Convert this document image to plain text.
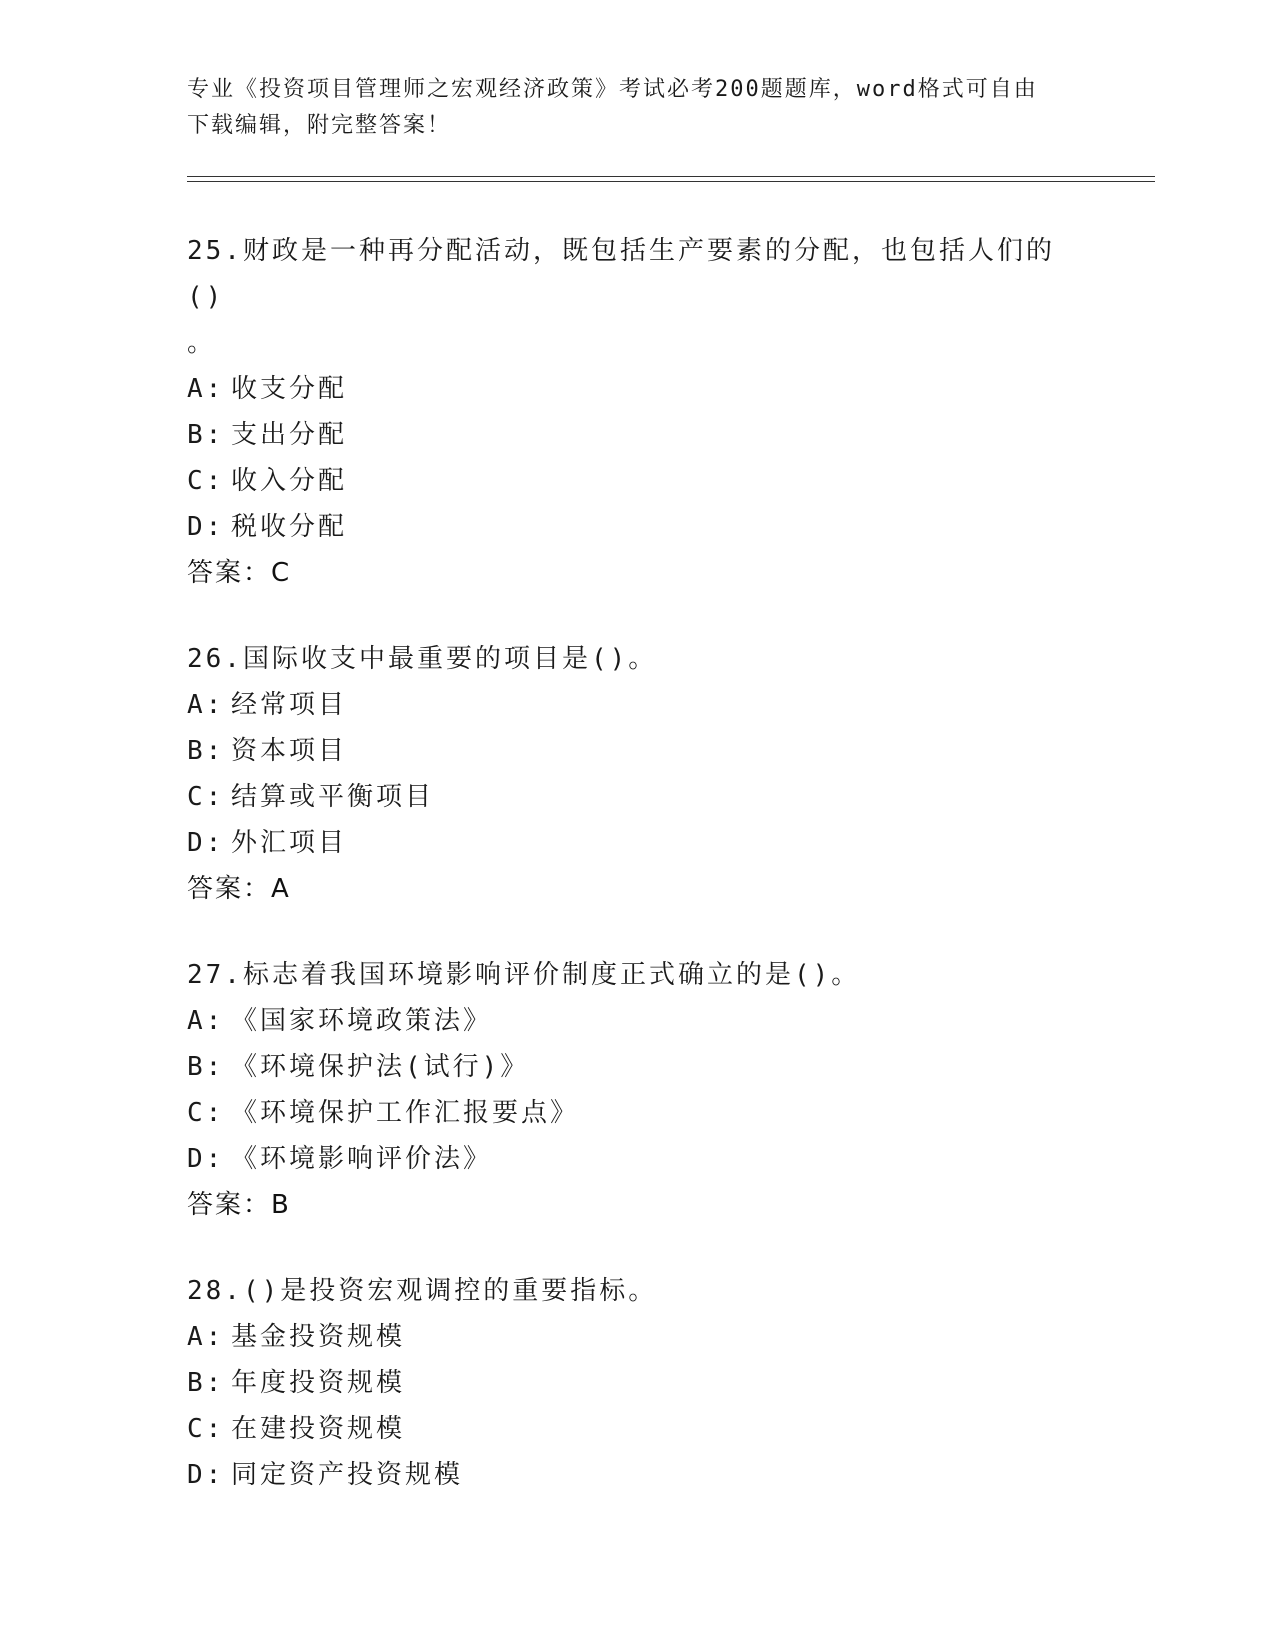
专业《投资项目管理师之宏观经济政策》考试必考200题题库，word格式可自由
下载编辑，附完整答案！
25.财政是一种再分配活动，既包括生产要素的分配，也包括人们的()
。
A: 收支分配
B: 支出分配
C: 收入分配
D: 税收分配
答案：C
26.国际收支中最重要的项目是()。
A: 经常项目
B: 资本项目
C: 结算或平衡项目
D: 外汇项目
答案：A
27.标志着我国环境影响评价制度正式确立的是()。
A: 《国家环境政策法》
B: 《环境保护法(试行)》
C: 《环境保护工作汇报要点》
D: 《环境影响评价法》
答案：B
28.()是投资宏观调控的重要指标。
A: 基金投资规模
B: 年度投资规模
C: 在建投资规模
D: 同定资产投资规模
